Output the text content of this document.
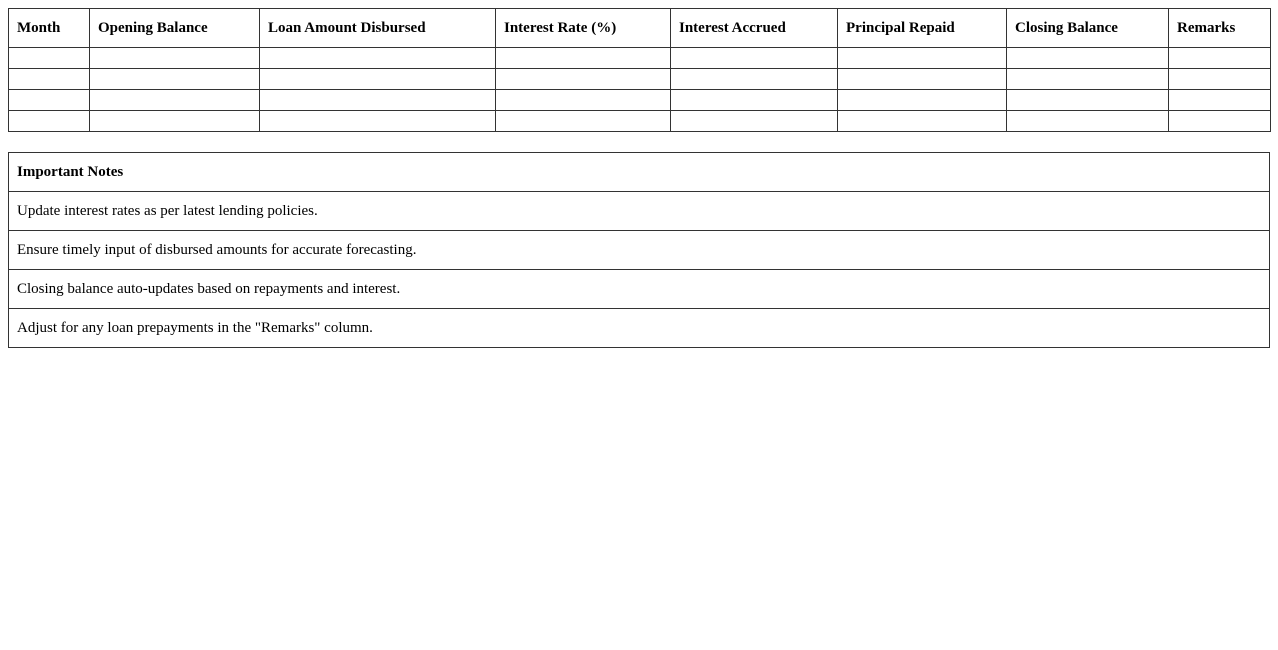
Month	Opening Balance	Loan Amount Disbursed	Interest Rate (%)	Interest Accrued	Principal Repaid	Closing Balance	Remarks

Important Notes
Update interest rates as per latest lending policies.
Ensure timely input of disbursed amounts for accurate forecasting.
Closing balance auto-updates based on repayments and interest.
Adjust for any loan prepayments in the "Remarks" column.
